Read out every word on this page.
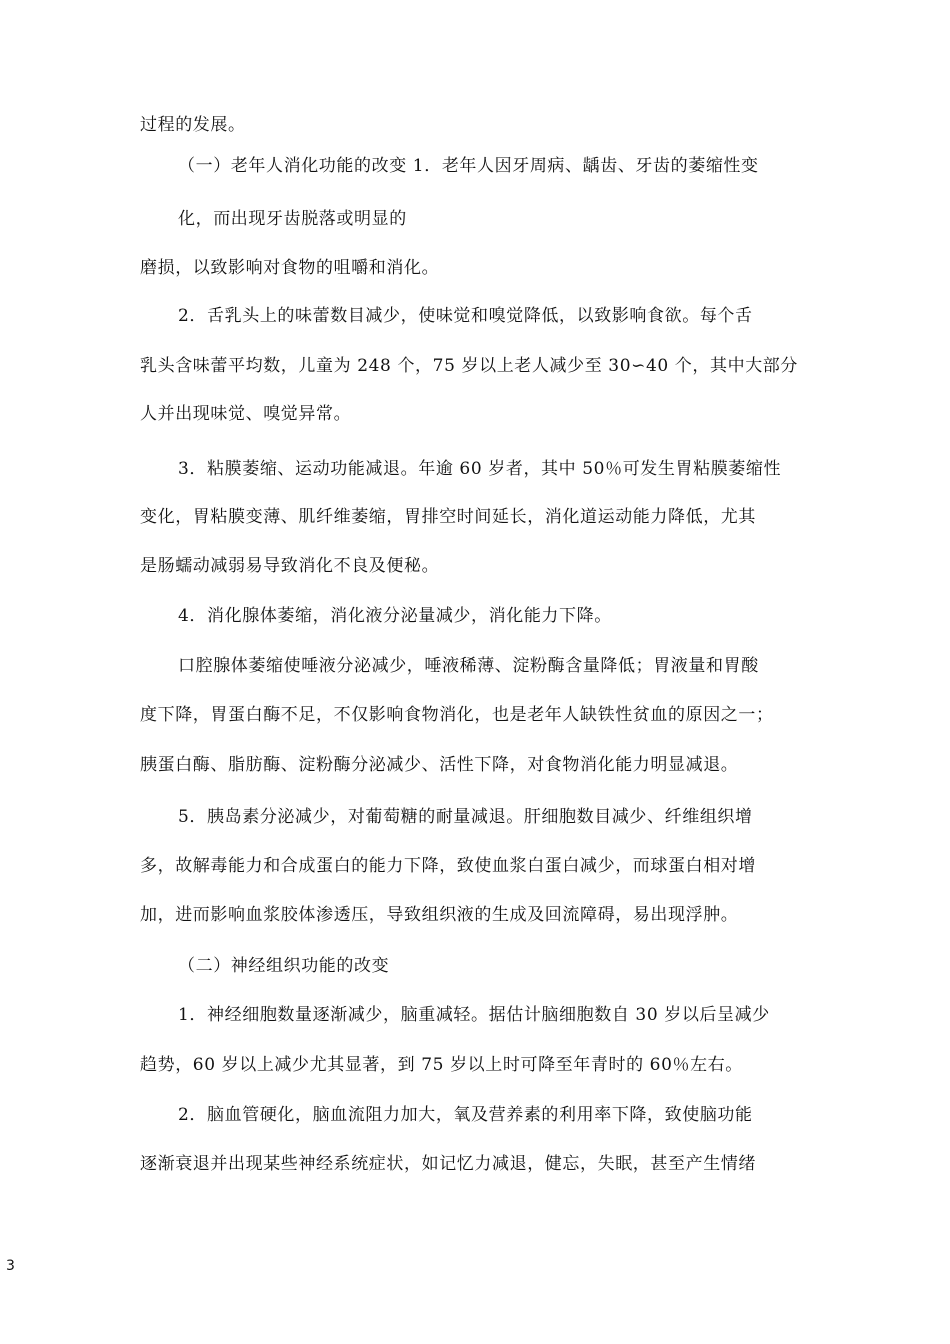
过程的发展。
（一）老年人消化功能的改变 1．老年人因牙周病、龋齿、牙齿的萎缩性变
化，而出现牙齿脱落或明显的
磨损，以致影响对食物的咀嚼和消化。
2．舌乳头上的味蕾数目减少，使味觉和嗅觉降低，以致影响食欲。每个舌
乳头含味蕾平均数，儿童为 248 个，75 岁以上老人减少至 30∽40 个，其中大部分
人并出现味觉、嗅觉异常。
3．粘膜萎缩、运动功能减退。年逾 60 岁者，其中 50％可发生胃粘膜萎缩性
变化，胃粘膜变薄、肌纤维萎缩，胃排空时间延长，消化道运动能力降低，尤其
是肠蠕动减弱易导致消化不良及便秘。
4．消化腺体萎缩，消化液分泌量减少，消化能力下降。
口腔腺体萎缩使唾液分泌减少，唾液稀薄、淀粉酶含量降低；胃液量和胃酸
度下降，胃蛋白酶不足，不仅影响食物消化，也是老年人缺铁性贫血的原因之一；
胰蛋白酶、脂肪酶、淀粉酶分泌减少、活性下降，对食物消化能力明显减退。
5．胰岛素分泌减少，对葡萄糖的耐量减退。肝细胞数目减少、纤维组织增
多，故解毒能力和合成蛋白的能力下降，致使血浆白蛋白减少，而球蛋白相对增
加，进而影响血浆胶体渗透压，导致组织液的生成及回流障碍，易出现浮肿。
（二）神经组织功能的改变
1．神经细胞数量逐渐减少，脑重减轻。据估计脑细胞数自 30 岁以后呈减少
趋势，60 岁以上减少尤其显著，到 75 岁以上时可降至年青时的 60％左右。
2．脑血管硬化，脑血流阻力加大，氧及营养素的利用率下降，致使脑功能
逐渐衰退并出现某些神经系统症状，如记忆力减退，健忘，失眠，甚至产生情绪
3
